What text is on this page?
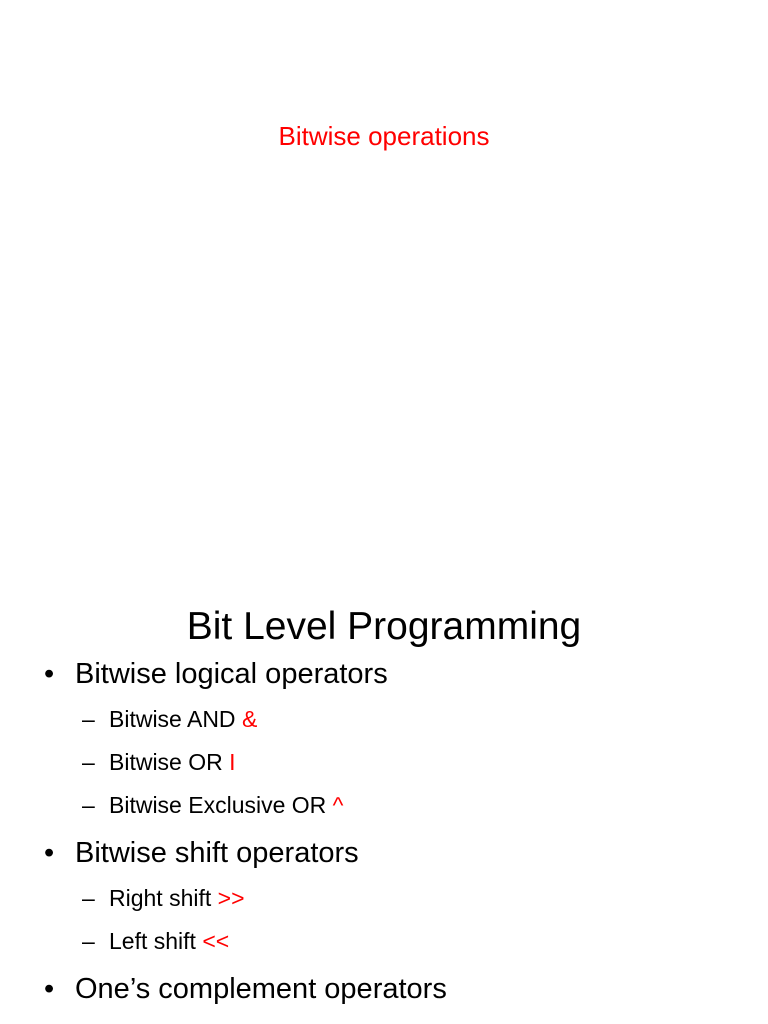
Bitwise operations
Bit Level Programming
• Bitwise logical operators
– Bitwise AND &
– Bitwise OR I
– Bitwise Exclusive OR ^
• Bitwise shift operators
– Right shift >>
– Left shift <<
• One’s complement operators
